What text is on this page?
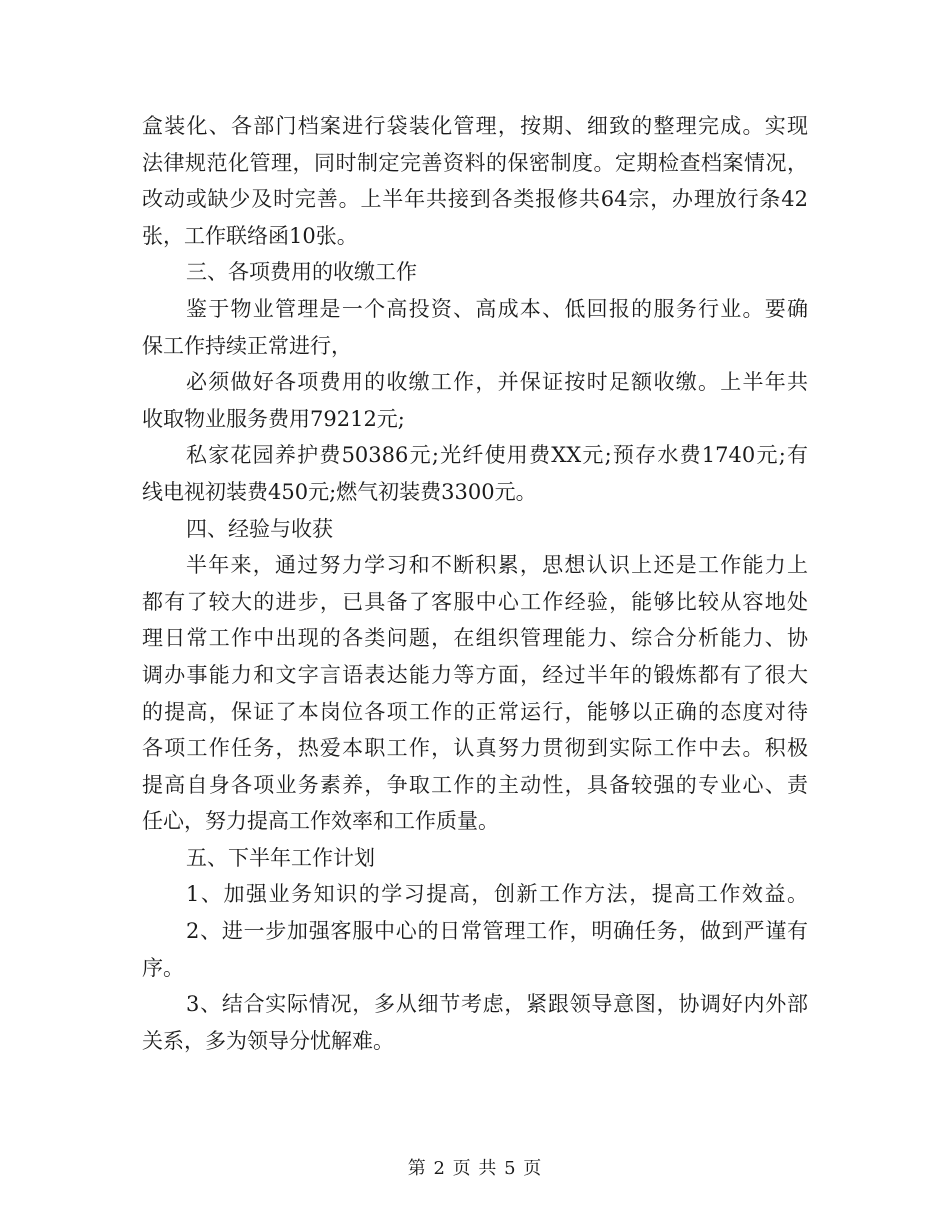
盒装化、各部门档案进行袋装化管理，按期、细致的整理完成。实现
法律规范化管理，同时制定完善资料的保密制度。定期检查档案情况，
改动或缺少及时完善。上半年共接到各类报修共64宗，办理放行条42
张，工作联络函10张。
三、各项费用的收缴工作
鉴于物业管理是一个高投资、高成本、低回报的服务行业。要确
保工作持续正常进行，
必须做好各项费用的收缴工作，并保证按时足额收缴。上半年共
收取物业服务费用79212元;
私家花园养护费50386元;光纤使用费XX元;预存水费1740元;有
线电视初装费450元;燃气初装费3300元。
四、经验与收获
半年来，通过努力学习和不断积累，思想认识上还是工作能力上
都有了较大的进步，已具备了客服中心工作经验，能够比较从容地处
理日常工作中出现的各类问题，在组织管理能力、综合分析能力、协
调办事能力和文字言语表达能力等方面，经过半年的锻炼都有了很大
的提高，保证了本岗位各项工作的正常运行，能够以正确的态度对待
各项工作任务，热爱本职工作，认真努力贯彻到实际工作中去。积极
提高自身各项业务素养，争取工作的主动性，具备较强的专业心、责
任心，努力提高工作效率和工作质量。
五、下半年工作计划
1、加强业务知识的学习提高，创新工作方法，提高工作效益。
2、进一步加强客服中心的日常管理工作，明确任务，做到严谨有
序。
3、结合实际情况，多从细节考虑，紧跟领导意图，协调好内外部
关系，多为领导分忧解难。
第 2 页 共 5 页
